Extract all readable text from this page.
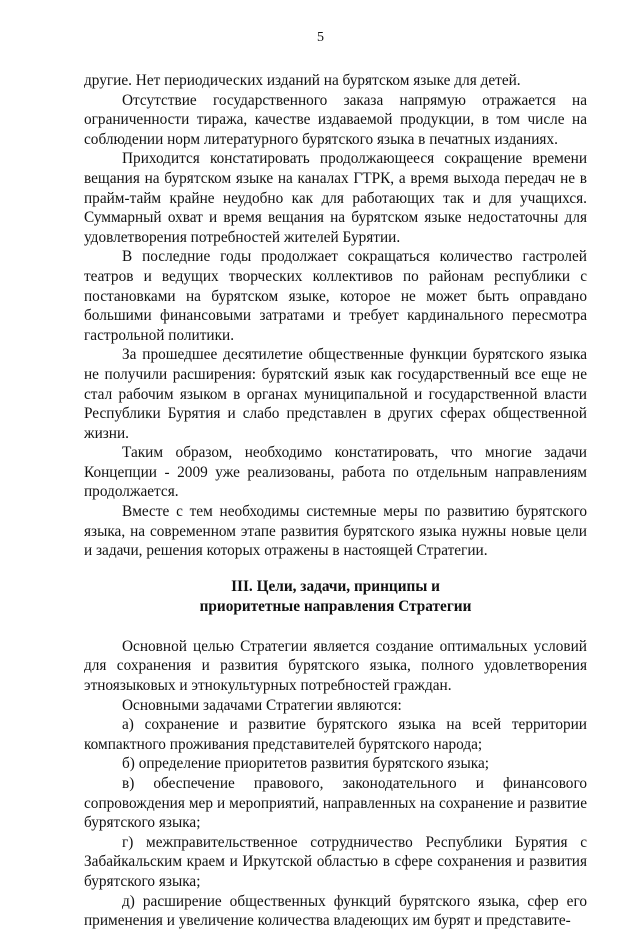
5

другие. Нет периодических изданий на бурятском языке для детей.

Отсутствие государственного заказа напрямую отражается на ограниченности тиража, качестве издаваемой продукции, в том числе на соблюдении норм литературного бурятского языка в печатных изданиях.

Приходится констатировать продолжающееся сокращение времени вещания на бурятском языке на каналах ГТРК, а время выхода передач не в прайм-тайм крайне неудобно как для работающих так и для учащихся. Суммарный охват и время вещания на бурятском языке недостаточны для удовлетворения потребностей жителей Бурятии.

В последние годы продолжает сокращаться количество гастролей театров и ведущих творческих коллективов по районам республики с постановками на бурятском языке, которое не может быть оправдано большими финансовыми затратами и требует кардинального пересмотра гастрольной политики.

За прошедшее десятилетие общественные функции бурятского языка не получили расширения: бурятский язык как государственный все еще не стал рабочим языком в органах муниципальной и государственной власти Республики Бурятия и слабо представлен в других сферах общественной жизни.

Таким образом, необходимо констатировать, что многие задачи Концепции - 2009 уже реализованы, работа по отдельным направлениям продолжается.

Вместе с тем необходимы системные меры по развитию бурятского языка, на современном этапе развития бурятского языка нужны новые цели и задачи, решения которых отражены в настоящей Стратегии.

III. Цели, задачи, принципы и
приоритетные направления Стратегии

Основной целью Стратегии является создание оптимальных условий для сохранения и развития бурятского языка, полного удовлетворения этноязыковых и этнокультурных потребностей граждан.

Основными задачами Стратегии являются:

а) сохранение и развитие бурятского языка на всей территории компактного проживания представителей бурятского народа;

б) определение приоритетов развития бурятского языка;

в) обеспечение правового, законодательного и финансового сопровождения мер и мероприятий, направленных на сохранение и развитие бурятского языка;

г) межправительственное сотрудничество Республики Бурятия с Забайкальским краем и Иркутской областью в сфере сохранения и развития бурятского языка;

д) расширение общественных функций бурятского языка, сфер его применения и увеличение количества владеющих им бурят и представите-
